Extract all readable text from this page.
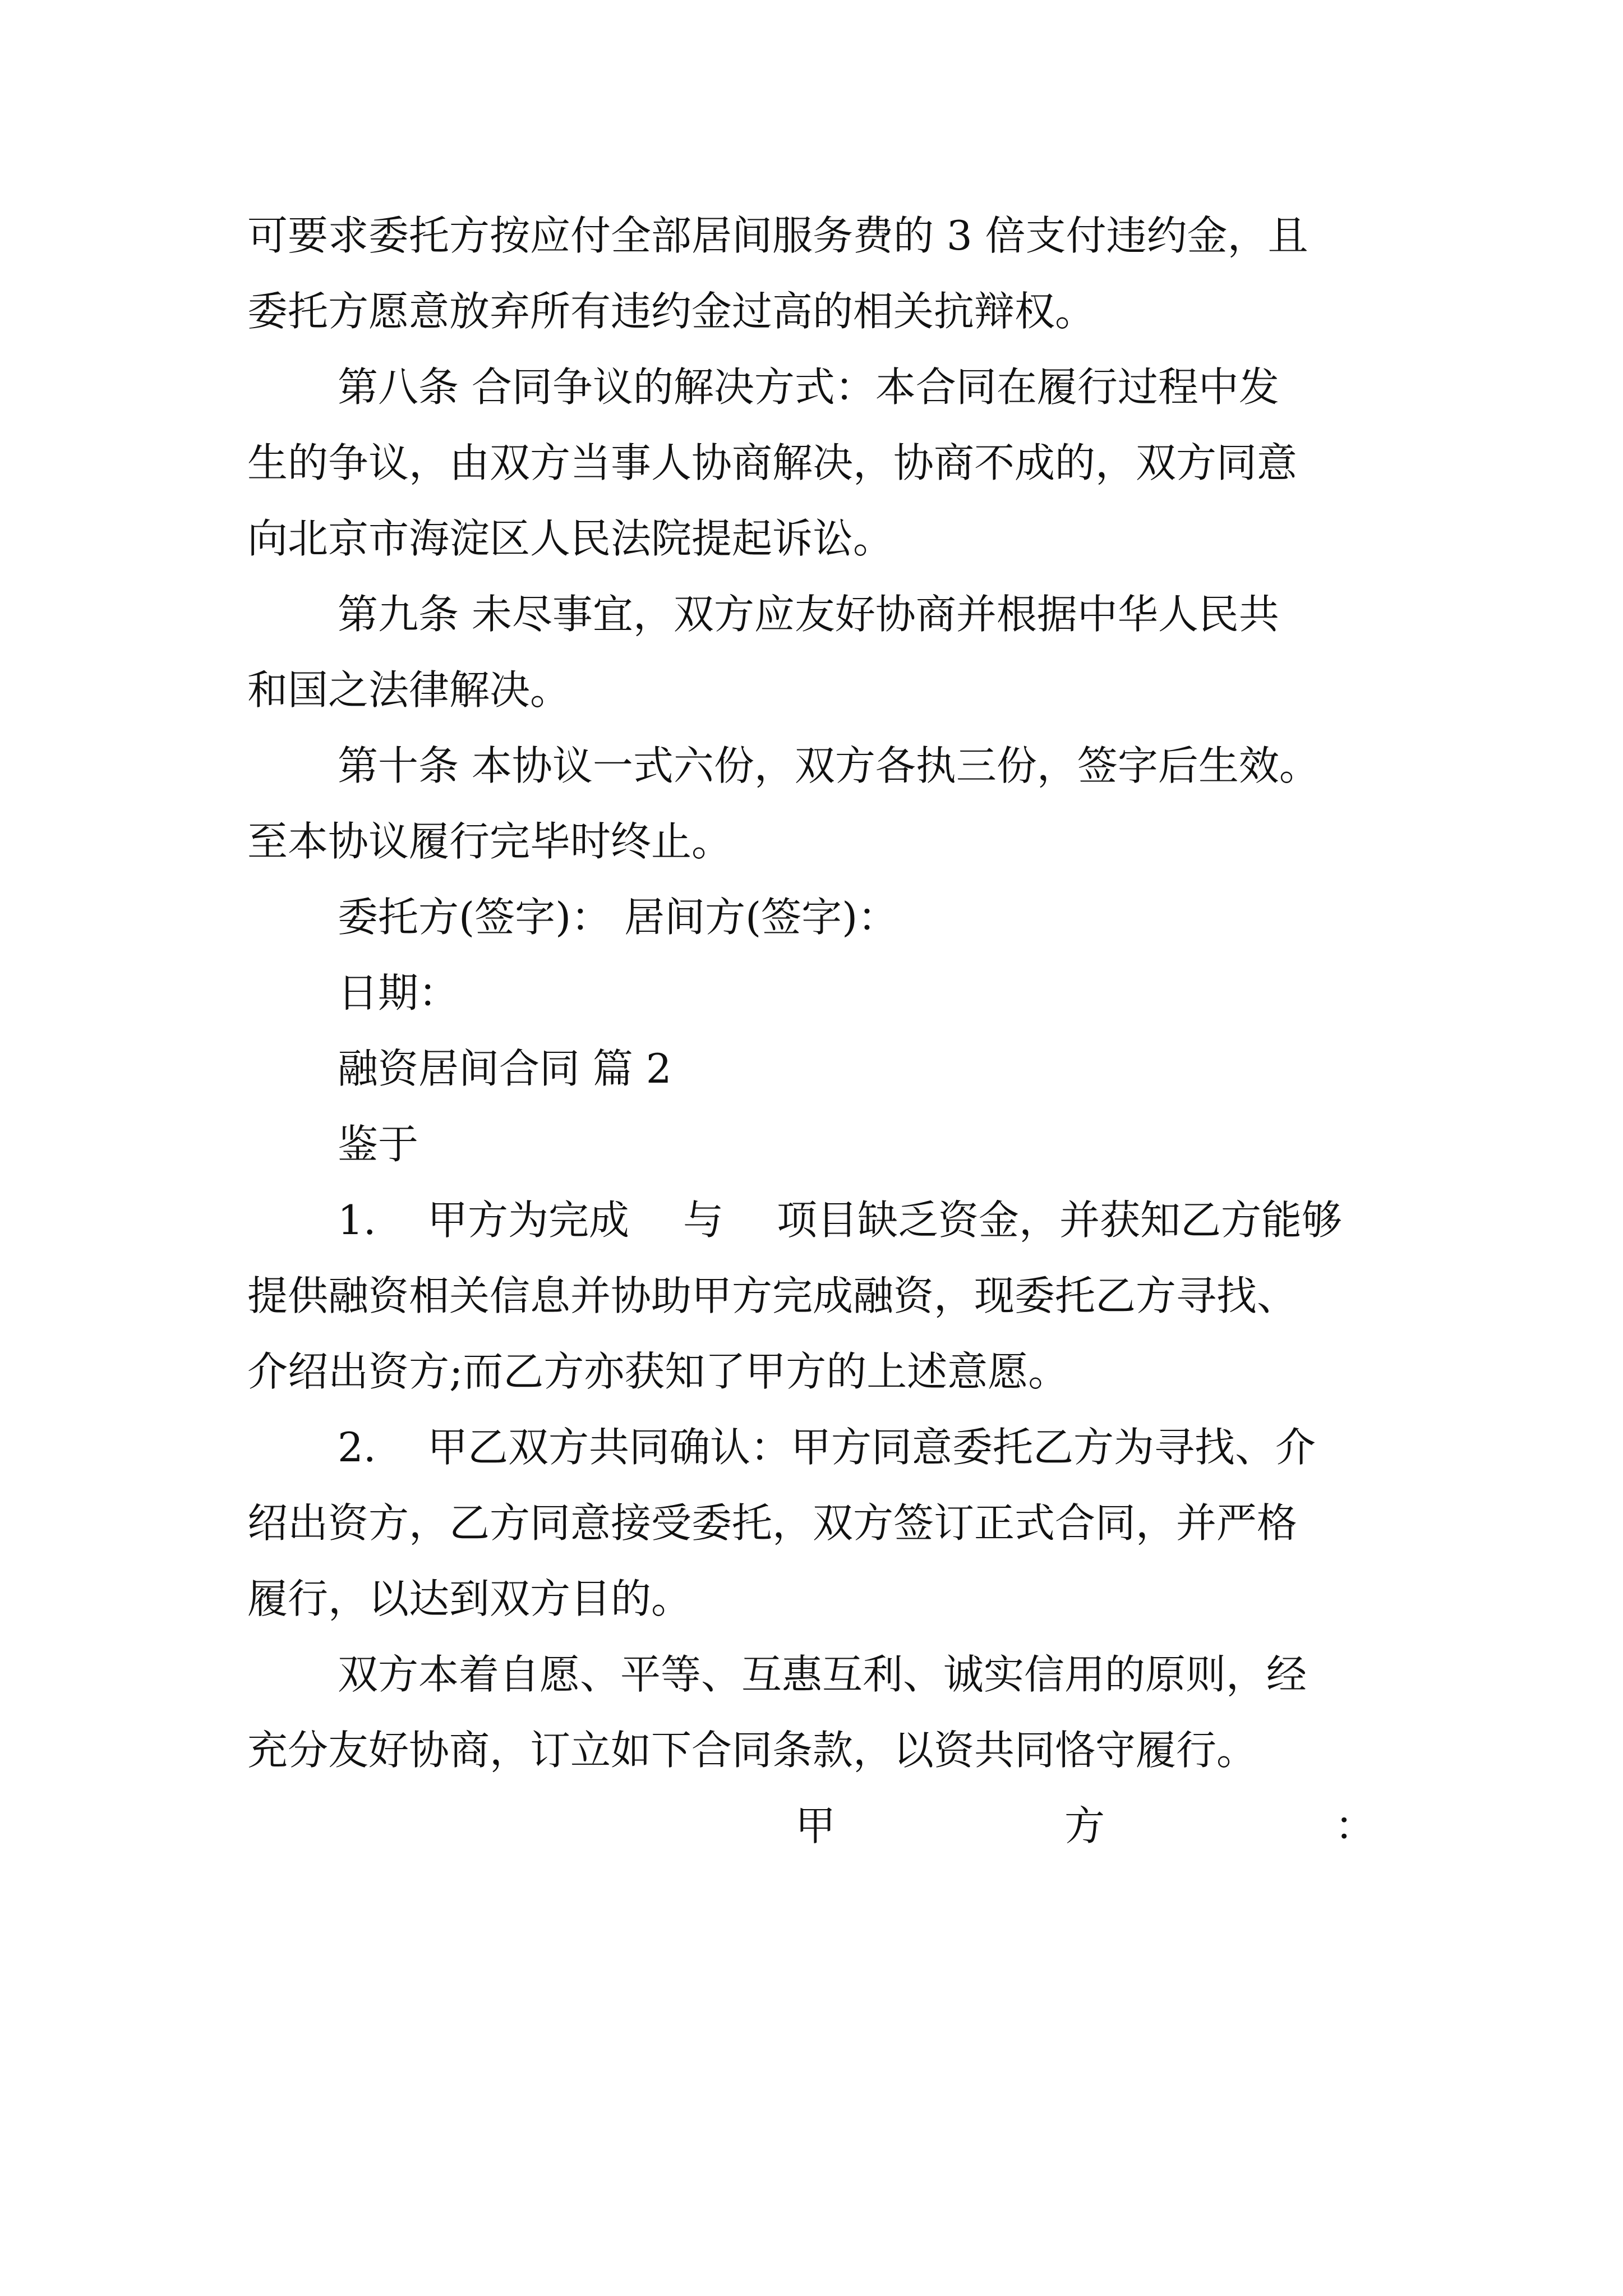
可要求委托方按应付全部居间服务费的 3 倍支付违约金，且

委托方愿意放弃所有违约金过高的相关抗辩权。

第八条 合同争议的解决方式：本合同在履行过程中发

生的争议，由双方当事人协商解决，协商不成的，双方同意

向北京市海淀区人民法院提起诉讼。

第九条 未尽事宜，双方应友好协商并根据中华人民共

和国之法律解决。

第十条 本协议一式六份，双方各执三份，签字后生效。

至本协议履行完毕时终止。

委托方(签字)： 居间方(签字)：

日期：

融资居间合同 篇 2

鉴于

1. 甲方为完成 与 项目缺乏资金，并获知乙方能够

提供融资相关信息并协助甲方完成融资，现委托乙方寻找、

介绍出资方;而乙方亦获知了甲方的上述意愿。

2. 甲乙双方共同确认：甲方同意委托乙方为寻找、介

绍出资方，乙方同意接受委托，双方签订正式合同，并严格

履行，以达到双方目的。

双方本着自愿、平等、互惠互利、诚实信用的原则，经

充分友好协商，订立如下合同条款，以资共同恪守履行。

甲	方	：
